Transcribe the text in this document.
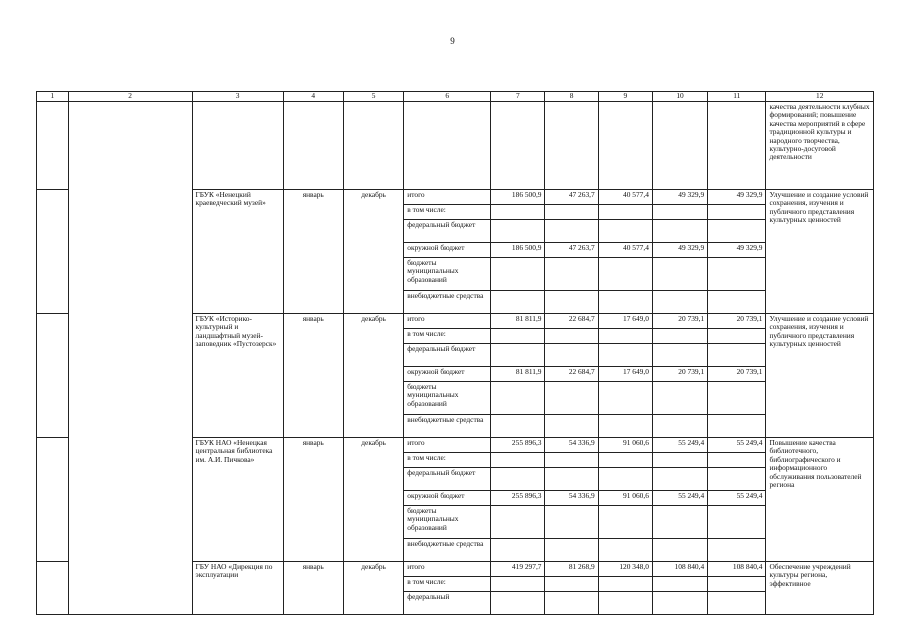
9
1	2	3	4	5	6	7	8	9	10	11	12
											качества деятельности клубных формирований; повышение качества мероприятий в сфере традиционной культуры и народного творчества, культурно-досуговой деятельности
		ГБУК «Ненецкий краеведческий музей»	январь	декабрь	итого	186 500,9	47 263,7	40 577,4	49 329,9	49 329,9	Улучшение и создание условий сохранения, изучения и публичного представления культурных ценностей
					в том числе:						
					федеральный бюджет						
					окружной бюджет	186 500,9	47 263,7	40 577,4	49 329,9	49 329,9	
					бюджеты муниципальных образований						
					внебюджетные средства						
		ГБУК «Историко-культурный и ландшафтный музей-заповедник «Пустозерск»	январь	декабрь	итого	81 811,9	22 684,7	17 649,0	20 739,1	20 739,1	Улучшение и создание условий сохранения, изучения и публичного представления культурных ценностей
					в том числе:						
					федеральный бюджет						
					окружной бюджет	81 811,9	22 684,7	17 649,0	20 739,1	20 739,1	
					бюджеты муниципальных образований						
					внебюджетные средства						
		ГБУК НАО «Ненецкая центральная библиотека им. А.И. Пичкова»	январь	декабрь	итого	255 896,3	54 336,9	91 060,6	55 249,4	55 249,4	Повышение качества библиотечного, библиографического и информационного обслуживания пользователей региона
					в том числе:						
					федеральный бюджет						
					окружной бюджет	255 896,3	54 336,9	91 060,6	55 249,4	55 249,4	
					бюджеты муниципальных образований						
					внебюджетные средства						
		ГБУ НАО «Дирекция по эксплуатации	январь	декабрь	итого	419 297,7	81 268,9	120 348,0	108 840,4	108 840,4	Обеспечение учреждений культуры региона, эффективное
					в том числе:						
					федеральный						
